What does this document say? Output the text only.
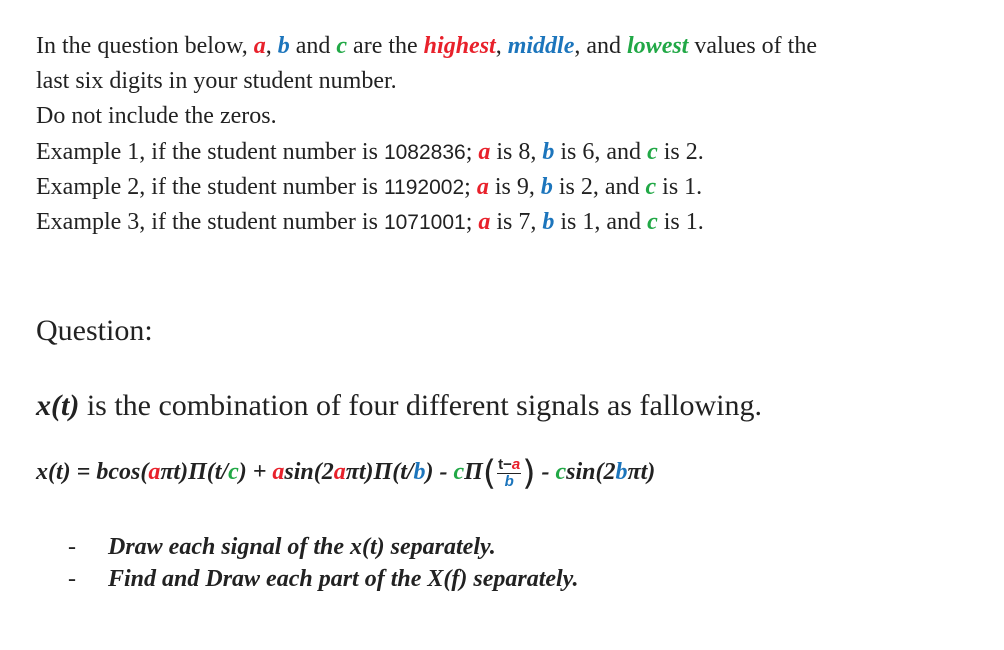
In the question below, a, b and c are the highest, middle, and lowest values of the
last six digits in your student number.
Do not include the zeros.
Example 1, if the student number is 1082836; a is 8, b is 6, and c is 2.
Example 2, if the student number is 1192002; a is 9, b is 2, and c is 1.
Example 3, if the student number is 1071001; a is 7, b is 1, and c is 1.
Question:
x(t) is the combination of four different signals as fallowing.
$x(t) = bcos(a\pi t)\Pi(t/c) + asin(2a\pi t)\Pi(t/b) - c\Pi( \frac{t-a}{b}$ ) - csin(2bπt)
- Draw each signal of the x(t) separately.
- Find and Draw each part of the X(f) separately.
